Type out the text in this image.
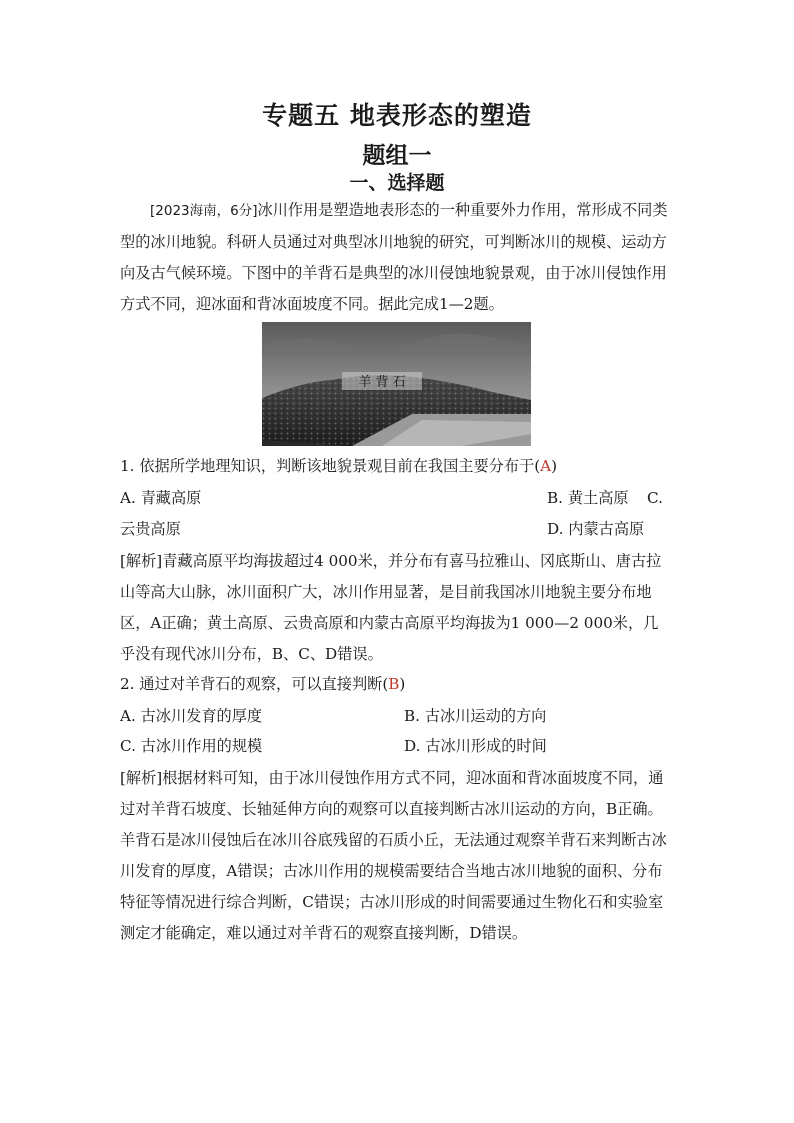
专题五 地表形态的塑造
题组一
一、选择题
[2023海南，6分]冰川作用是塑造地表形态的一种重要外力作用，常形成不同类型的冰川地貌。科研人员通过对典型冰川地貌的研究，可判断冰川的规模、运动方向及古气候环境。下图中的羊背石是典型的冰川侵蚀地貌景观，由于冰川侵蚀作用方式不同，迎冰面和背冰面坡度不同。据此完成1—2题。
羊 背 石
1. 依据所学地理知识，判断该地貌景观目前在我国主要分布于(A)
A. 青藏高原	B. 黄土高原 C.
云贵高原	D. 内蒙古高原
[解析]青藏高原平均海拔超过4 000米，并分布有喜马拉雅山、冈底斯山、唐古拉山等高大山脉，冰川面积广大，冰川作用显著，是目前我国冰川地貌主要分布地区，A正确；黄土高原、云贵高原和内蒙古高原平均海拔为1 000—2 000米，几乎没有现代冰川分布，B、C、D错误。
2. 通过对羊背石的观察，可以直接判断(B)
A. 古冰川发育的厚度	B. 古冰川运动的方向
C. 古冰川作用的规模	D. 古冰川形成的时间
[解析]根据材料可知，由于冰川侵蚀作用方式不同，迎冰面和背冰面坡度不同，通过对羊背石坡度、长轴延伸方向的观察可以直接判断古冰川运动的方向，B正确。羊背石是冰川侵蚀后在冰川谷底残留的石质小丘，无法通过观察羊背石来判断古冰川发育的厚度，A错误；古冰川作用的规模需要结合当地古冰川地貌的面积、分布特征等情况进行综合判断，C错误；古冰川形成的时间需要通过生物化石和实验室测定才能确定，难以通过对羊背石的观察直接判断，D错误。
